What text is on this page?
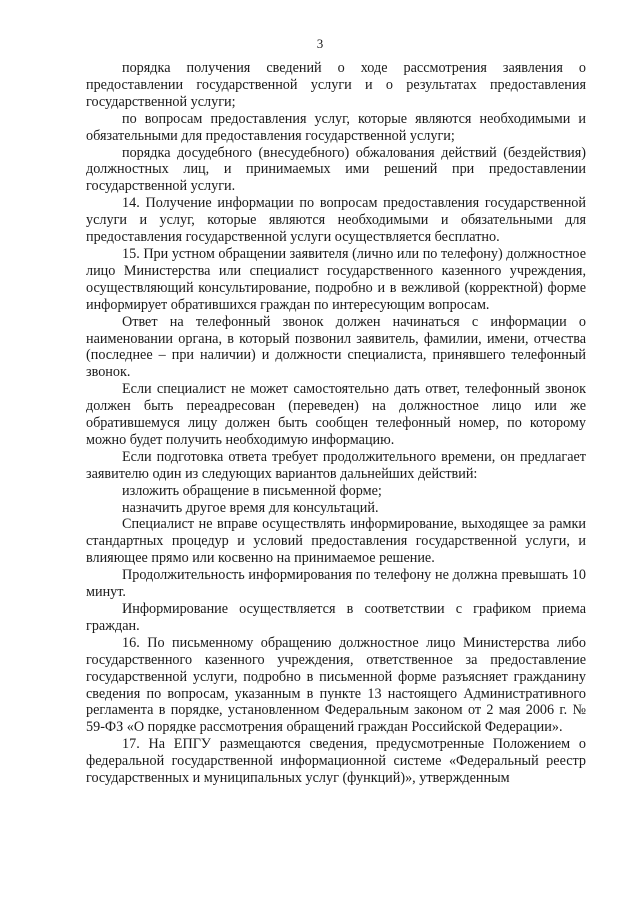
3

порядка получения сведений о ходе рассмотрения заявления о предоставлении государственной услуги и о результатах предоставления государственной услуги;

по вопросам предоставления услуг, которые являются необходимыми и обязательными для предоставления государственной услуги;

порядка досудебного (внесудебного) обжалования действий (бездействия) должностных лиц, и принимаемых ими решений при предоставлении государственной услуги.

14. Получение информации по вопросам предоставления государственной услуги и услуг, которые являются необходимыми и обязательными для предоставления государственной услуги осуществляется бесплатно.

15. При устном обращении заявителя (лично или по телефону) должностное лицо Министерства или специалист государственного казенного учреждения, осуществляющий консультирование, подробно и в вежливой (корректной) форме информирует обратившихся граждан по интересующим вопросам.

Ответ на телефонный звонок должен начинаться с информации о наименовании органа, в который позвонил заявитель, фамилии, имени, отчества (последнее – при наличии) и должности специалиста, принявшего телефонный звонок.

Если специалист не может самостоятельно дать ответ, телефонный звонок должен быть переадресован (переведен) на должностное лицо или же обратившемуся лицу должен быть сообщен телефонный номер, по которому можно будет получить необходимую информацию.

Если подготовка ответа требует продолжительного времени, он предлагает заявителю один из следующих вариантов дальнейших действий:

изложить обращение в письменной форме;

назначить другое время для консультаций.

Специалист не вправе осуществлять информирование, выходящее за рамки стандартных процедур и условий предоставления государственной услуги, и влияющее прямо или косвенно на принимаемое решение.

Продолжительность информирования по телефону не должна превышать 10 минут.

Информирование осуществляется в соответствии с графиком приема граждан.

16. По письменному обращению должностное лицо Министерства либо государственного казенного учреждения, ответственное за предоставление государственной услуги, подробно в письменной форме разъясняет гражданину сведения по вопросам, указанным в пункте 13 настоящего Административного регламента в порядке, установленном Федеральным законом от 2 мая 2006 г. № 59-ФЗ «О порядке рассмотрения обращений граждан Российской Федерации».

17. На ЕПГУ размещаются сведения, предусмотренные Положением о федеральной государственной информационной системе «Федеральный реестр государственных и муниципальных услуг (функций)», утвержденным
